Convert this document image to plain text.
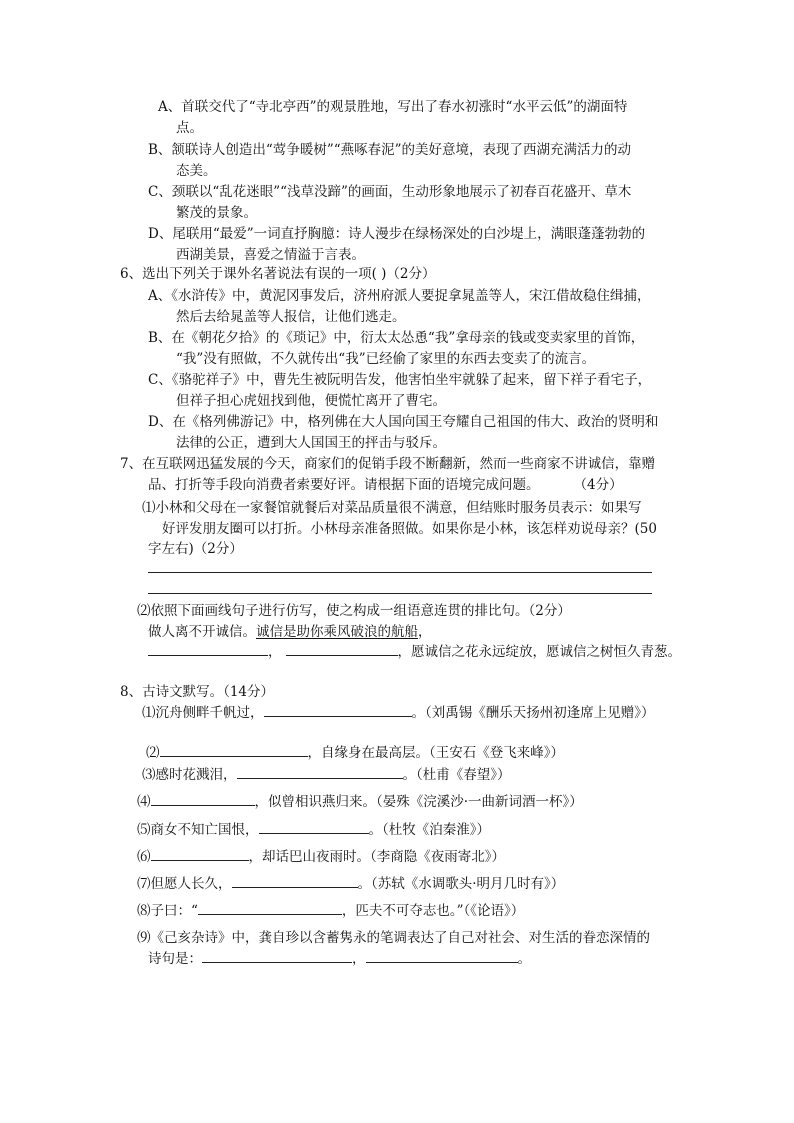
A、首联交代了“寺北亭西”的观景胜地，写出了春水初涨时“水平云低”的湖面特
点。
B、颔联诗人创造出“莺争暖树”“燕啄春泥”的美好意境，表现了西湖充满活力的动
态美。
C、颈联以“乱花迷眼”“浅草没蹄”的画面，生动形象地展示了初春百花盛开、草木
繁茂的景象。
D、尾联用“最爱”一词直抒胸臆：诗人漫步在绿杨深处的白沙堤上，满眼蓬蓬勃勃的
西湖美景，喜爱之情溢于言表。
6、选出下列关于课外名著说法有误的一项( )（2分）
A、《水浒传》中，黄泥冈事发后，济州府派人要捉拿晁盖等人，宋江借故稳住缉捕，
然后去给晁盖等人报信，让他们逃走。
B、在《朝花夕拾》的《琐记》中，衍太太怂恿“我”拿母亲的钱或变卖家里的首饰，
“我”没有照做，不久就传出“我”已经偷了家里的东西去变卖了的流言。
C、《骆驼祥子》中，曹先生被阮明告发，他害怕坐牢就躲了起来，留下祥子看宅子，
但祥子担心虎妞找到他，便慌忙离开了曹宅。
D、在《格列佛游记》中，格列佛在大人国向国王夸耀自己祖国的伟大、政治的贤明和
法律的公正，遭到大人国国王的抨击与驳斥。
7、在互联网迅猛发展的今天，商家们的促销手段不断翻新，然而一些商家不讲诚信，靠赠
品、打折等手段向消费者索要好评。请根据下面的语境完成问题。	（4分）
⑴小林和父母在一家餐馆就餐后对菜品质量很不满意，但结账时服务员表示：如果写
好评发朋友圈可以打折。小林母亲准备照做。如果你是小林，该怎样劝说母亲？(50
字左右)（2分）
⑵依照下面画线句子进行仿写，使之构成一组语意连贯的排比句。（2分）
做人离不开诚信。诚信是助你乘风破浪的航船，
，	，愿诚信之花永远绽放，愿诚信之树恒久青葱。
8、古诗文默写。（14分）
⑴沉舟侧畔千帆过，	。（刘禹锡《酬乐天扬州初逢席上见赠》）
⑵	，自缘身在最高层。（王安石《登飞来峰》）
⑶感时花溅泪，	。（杜甫《春望》）
⑷	，似曾相识燕归来。（晏殊《浣溪沙·一曲新词酒一杯》）
⑸商女不知亡国恨，	。（杜牧《泊秦淮》）
⑹	，却话巴山夜雨时。（李商隐《夜雨寄北》）
⑺但愿人长久，	。（苏轼《水调歌头·明月几时有》）
⑻子曰：“	，匹夫不可夺志也。”（《论语》）
⑼《己亥杂诗》中，龚自珍以含蓄隽永的笔调表达了自己对社会、对生活的眷恋深情的
诗句是：	，	。
